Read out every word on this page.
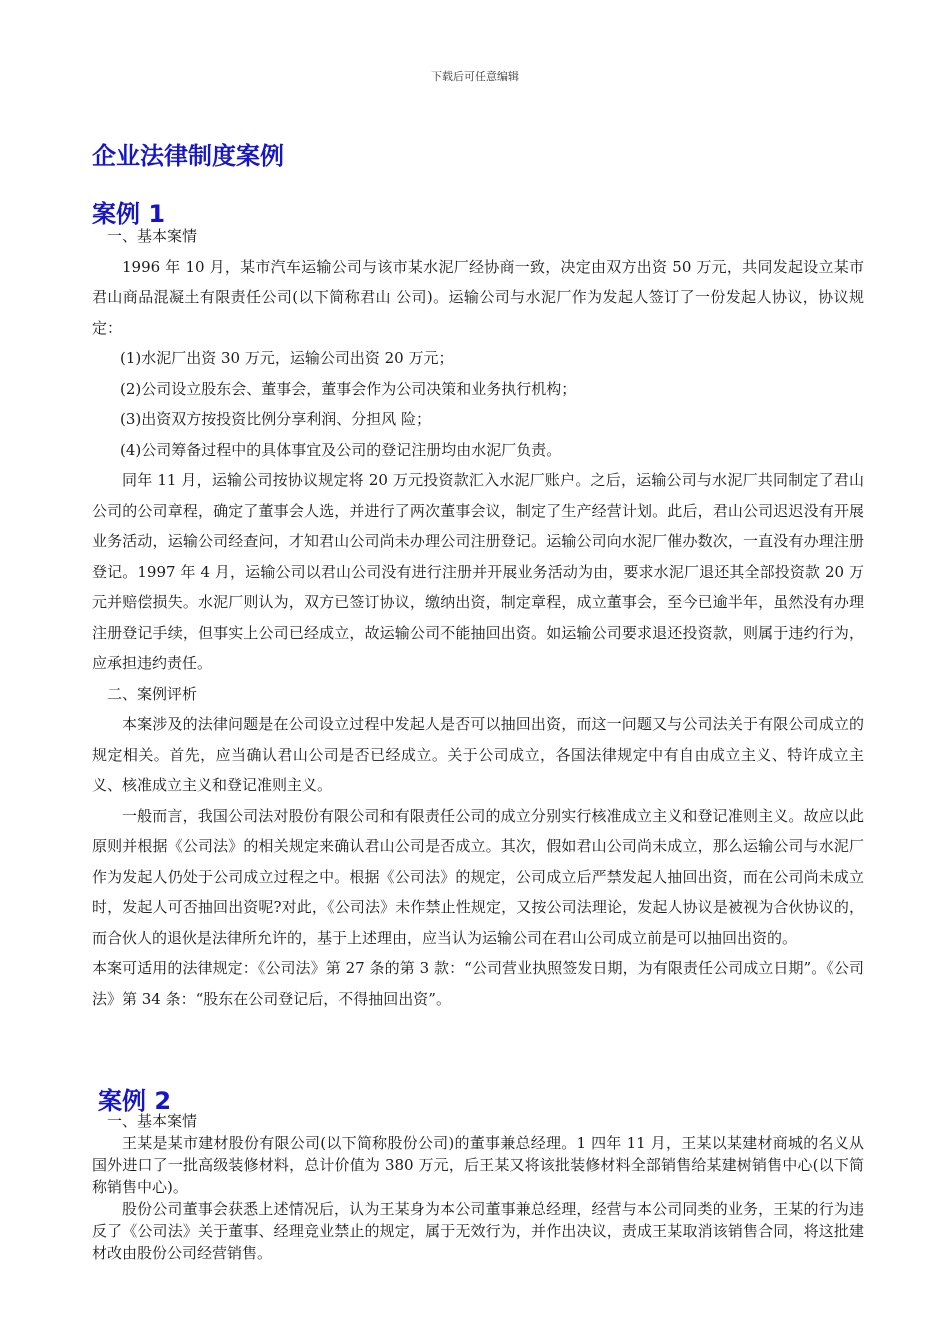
下载后可任意编辑
企业法律制度案例
案例 1

一、基本案情

1996 年 10 月，某市汽车运输公司与该市某水泥厂经协商一致，决定由双方出资 50 万元，共同发起设立某市君山商品混凝土有限责任公司(以下简称君山 公司)。运输公司与水泥厂作为发起人签订了一份发起人协议，协议规定：

(1)水泥厂出资 30 万元，运输公司出资 20 万元；

(2)公司设立股东会、董事会，董事会作为公司决策和业务执行机构；

(3)出资双方按投资比例分享利润、分担风 险；

(4)公司筹备过程中的具体事宜及公司的登记注册均由水泥厂负责。

同年 11 月，运输公司按协议规定将 20 万元投资款汇入水泥厂账户。之后，运输公司与水泥厂共同制定了君山公司的公司章程，确定了董事会人选，并进行了两次董事会议，制定了生产经营计划。此后，君山公司迟迟没有开展业务活动，运输公司经查问，才知君山公司尚未办理公司注册登记。运输公司向水泥厂催办数次，一直没有办理注册登记。1997 年 4 月，运输公司以君山公司没有进行注册并开展业务活动为由，要求水泥厂退还其全部投资款 20 万元并赔偿损失。水泥厂则认为，双方已签订协议，缴纳出资，制定章程，成立董事会，至今已逾半年，虽然没有办理注册登记手续，但事实上公司已经成立，故运输公司不能抽回出资。如运输公司要求退还投资款，则属于违约行为，应承担违约责任。

二、案例评析

本案涉及的法律问题是在公司设立过程中发起人是否可以抽回出资，而这一问题又与公司法关于有限公司成立的规定相关。首先，应当确认君山公司是否已经成立。关于公司成立，各国法律规定中有自由成立主义、特许成立主义、核准成立主义和登记准则主义。

一般而言，我国公司法对股份有限公司和有限责任公司的成立分别实行核准成立主义和登记准则主义。故应以此原则并根据《公司法》的相关规定来确认君山公司是否成立。其次，假如君山公司尚未成立，那么运输公司与水泥厂作为发起人仍处于公司成立过程之中。根据《公司法》的规定，公司成立后严禁发起人抽回出资，而在公司尚未成立时，发起人可否抽回出资呢?对此，《公司法》未作禁止性规定，又按公司法理论，发起人协议是被视为合伙协议的，而合伙人的退伙是法律所允许的，基于上述理由，应当认为运输公司在君山公司成立前是可以抽回出资的。

本案可适用的法律规定：《公司法》第 27 条的第 3 款：“公司营业执照签发日期，为有限责任公司成立日期”。《公司法》第 34 条：“股东在公司登记后，不得抽回出资”。

案例 2

一、基本案情

王某是某市建材股份有限公司(以下简称股份公司)的董事兼总经理。1 四年 11 月，王某以某建材商城的名义从国外进口了一批高级装修材料，总计价值为 380 万元，后王某又将该批装修材料全部销售给某建树销售中心(以下简称销售中心)。

股份公司董事会获悉上述情况后，认为王某身为本公司董事兼总经理，经营与本公司同类的业务，王某的行为违反了《公司法》关于董事、经理竞业禁止的规定，属于无效行为，并作出决议，责成王某取消该销售合同，将这批建材改由股份公司经营销售。
